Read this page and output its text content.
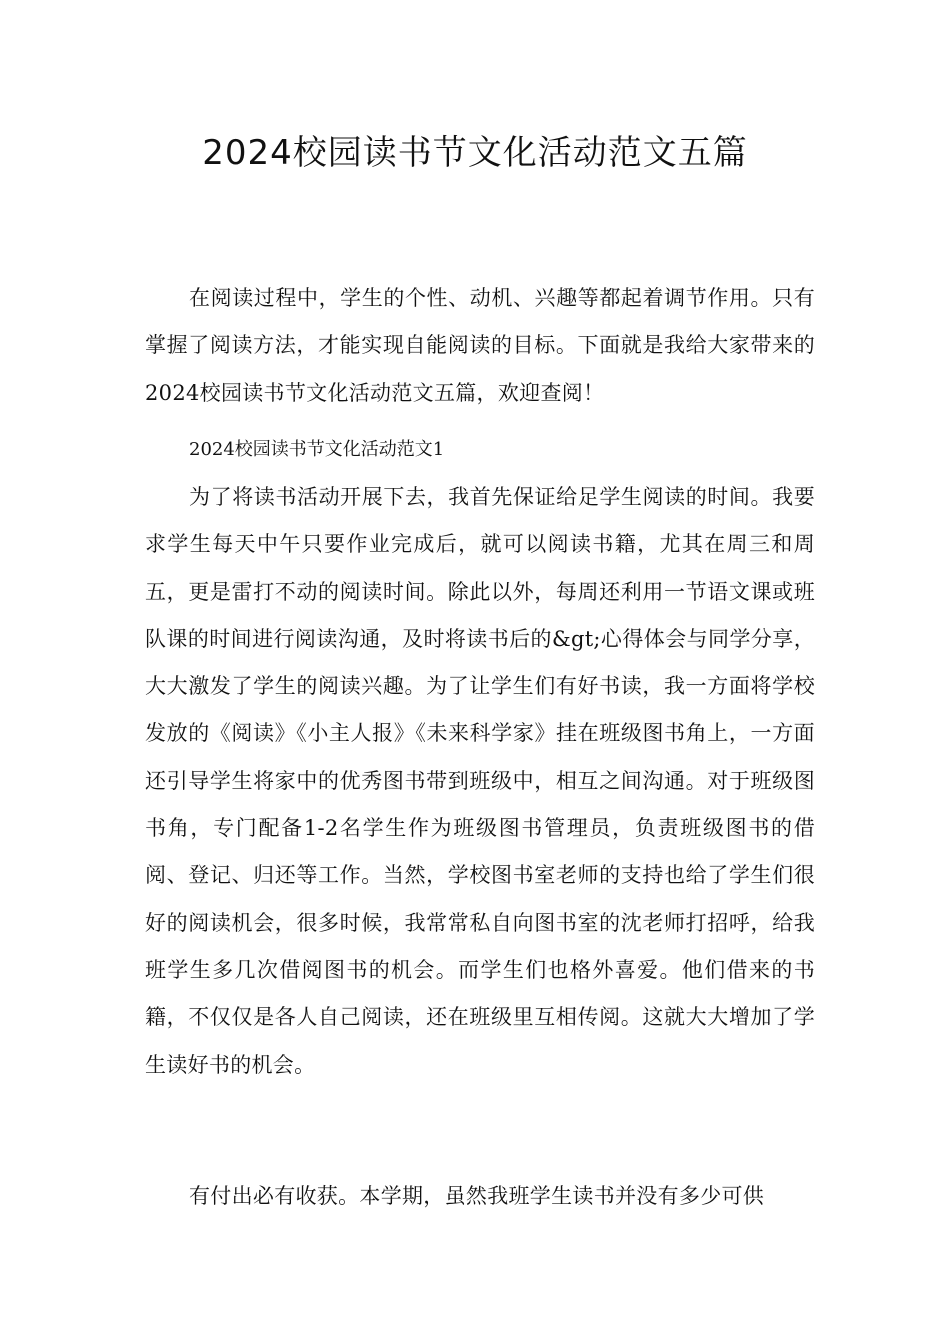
2024校园读书节文化活动范文五篇

在阅读过程中，学生的个性、动机、兴趣等都起着调节作用。只有掌握了阅读方法，才能实现自能阅读的目标。下面就是我给大家带来的2024校园读书节文化活动范文五篇，欢迎查阅！

2024校园读书节文化活动范文1

为了将读书活动开展下去，我首先保证给足学生阅读的时间。我要求学生每天中午只要作业完成后，就可以阅读书籍，尤其在周三和周五，更是雷打不动的阅读时间。除此以外，每周还利用一节语文课或班队课的时间进行阅读沟通，及时将读书后的&gt;心得体会与同学分享，大大激发了学生的阅读兴趣。为了让学生们有好书读，我一方面将学校发放的《阅读》《小主人报》《未来科学家》挂在班级图书角上，一方面还引导学生将家中的优秀图书带到班级中，相互之间沟通。对于班级图书角，专门配备1-2名学生作为班级图书管理员，负责班级图书的借阅、登记、归还等工作。当然，学校图书室老师的支持也给了学生们很好的阅读机会，很多时候，我常常私自向图书室的沈老师打招呼，给我班学生多几次借阅图书的机会。而学生们也格外喜爱。他们借来的书籍，不仅仅是各人自己阅读，还在班级里互相传阅。这就大大增加了学生读好书的机会。

有付出必有收获。本学期，虽然我班学生读书并没有多少可供
